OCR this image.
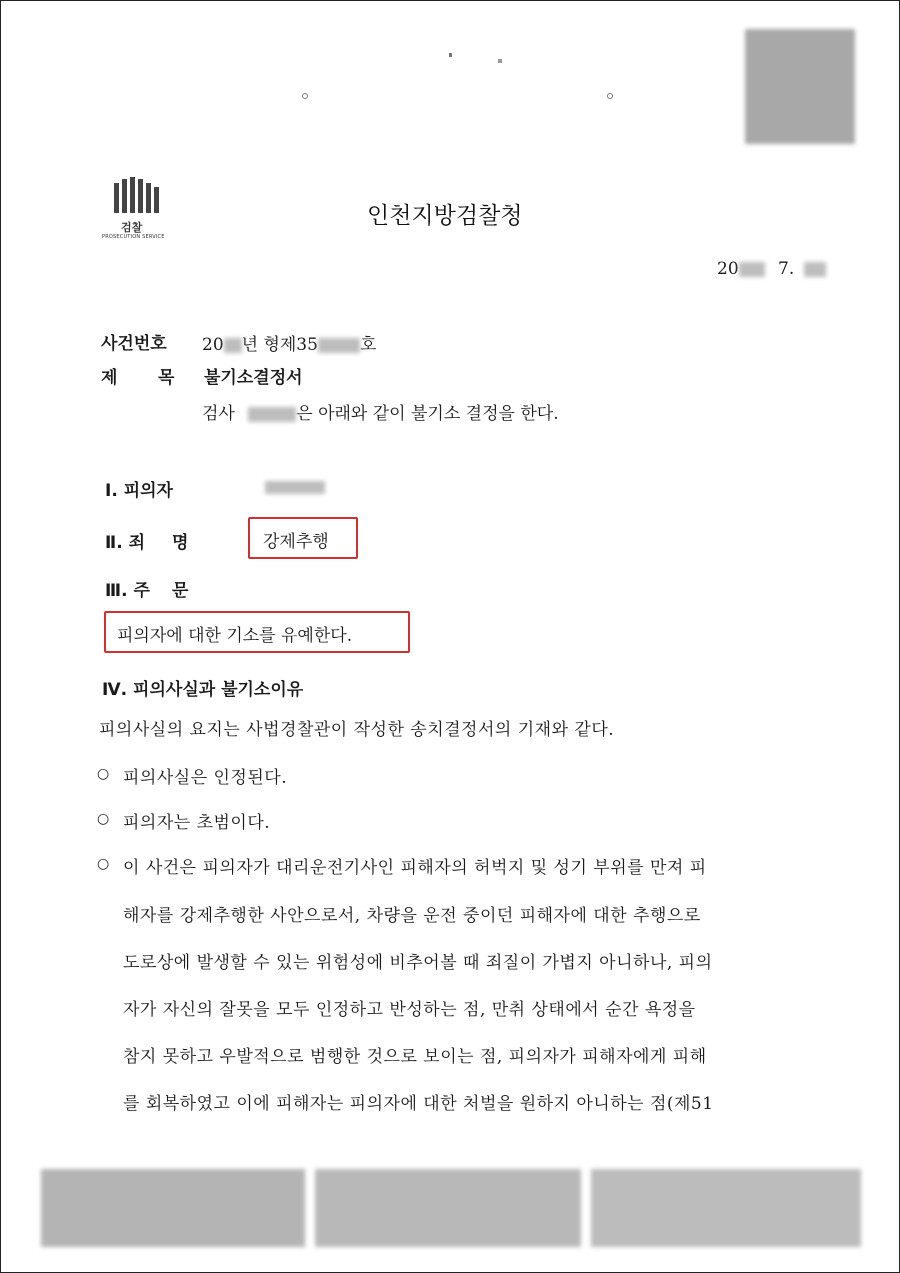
검찰
PROSECUTION SERVICE
인천지방검찰청
20 7.
사건번호 20 년 형제35 호
제 목 불기소결정서
검사	은 아래와 같이 불기소 결정을 한다.
Ⅰ. 피의자
Ⅱ. 죄 명	강제추행
Ⅲ. 주 문
피의자에 대한 기소를 유예한다.
Ⅳ. 피의사실과 불기소이유
피의사실의 요지는 사법경찰관이 작성한 송치결정서의 기재와 같다.
○ 피의사실은 인정된다.
○ 피의자는 초범이다.
○ 이 사건은 피의자가 대리운전기사인 피해자의 허벅지 및 성기 부위를 만져 피
해자를 강제추행한 사안으로서, 차량을 운전 중이던 피해자에 대한 추행으로
도로상에 발생할 수 있는 위험성에 비추어볼 때 죄질이 가볍지 아니하나, 피의
자가 자신의 잘못을 모두 인정하고 반성하는 점, 만취 상태에서 순간 욕정을
참지 못하고 우발적으로 범행한 것으로 보이는 점, 피의자가 피해자에게 피해
를 회복하였고 이에 피해자는 피의자에 대한 처벌을 원하지 아니하는 점(제51
